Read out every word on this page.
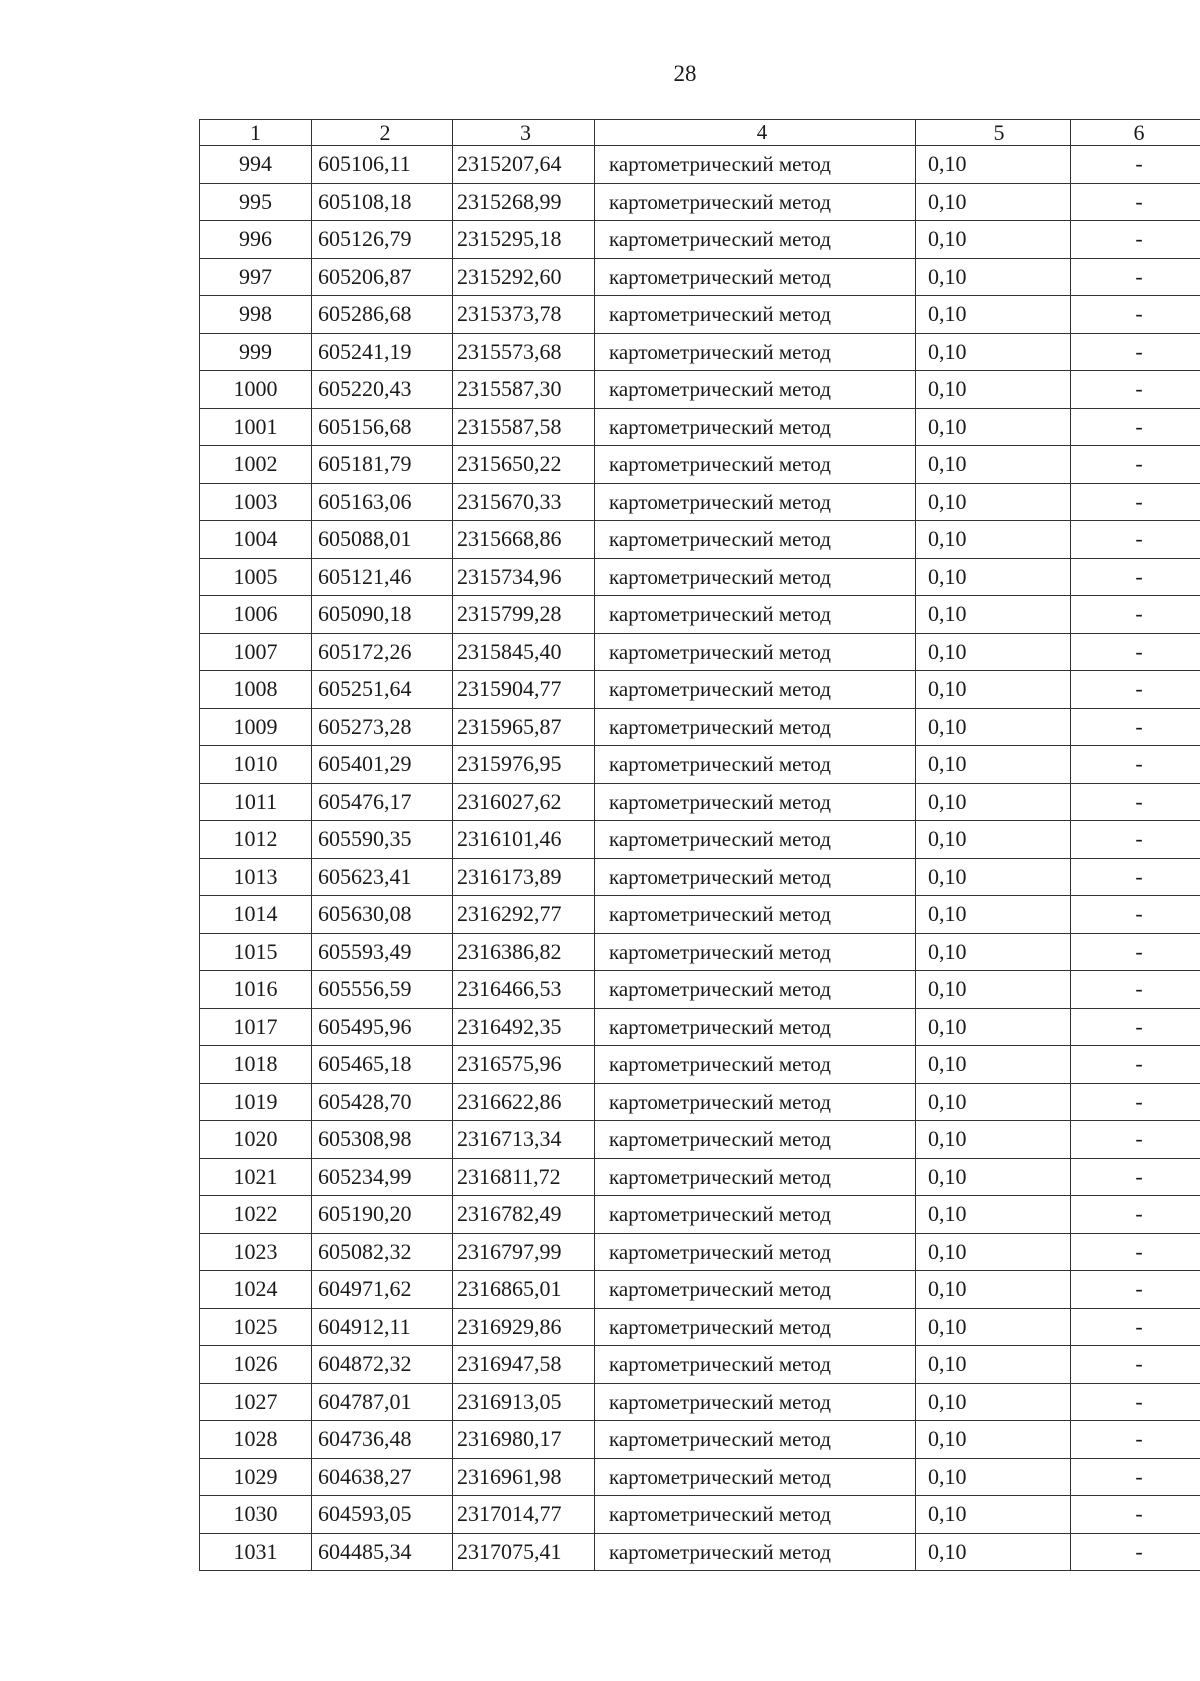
28
1	2	3	4	5	6
994	605106,11	2315207,64	картометрический метод	0,10	-
995	605108,18	2315268,99	картометрический метод	0,10	-
996	605126,79	2315295,18	картометрический метод	0,10	-
997	605206,87	2315292,60	картометрический метод	0,10	-
998	605286,68	2315373,78	картометрический метод	0,10	-
999	605241,19	2315573,68	картометрический метод	0,10	-
1000	605220,43	2315587,30	картометрический метод	0,10	-
1001	605156,68	2315587,58	картометрический метод	0,10	-
1002	605181,79	2315650,22	картометрический метод	0,10	-
1003	605163,06	2315670,33	картометрический метод	0,10	-
1004	605088,01	2315668,86	картометрический метод	0,10	-
1005	605121,46	2315734,96	картометрический метод	0,10	-
1006	605090,18	2315799,28	картометрический метод	0,10	-
1007	605172,26	2315845,40	картометрический метод	0,10	-
1008	605251,64	2315904,77	картометрический метод	0,10	-
1009	605273,28	2315965,87	картометрический метод	0,10	-
1010	605401,29	2315976,95	картометрический метод	0,10	-
1011	605476,17	2316027,62	картометрический метод	0,10	-
1012	605590,35	2316101,46	картометрический метод	0,10	-
1013	605623,41	2316173,89	картометрический метод	0,10	-
1014	605630,08	2316292,77	картометрический метод	0,10	-
1015	605593,49	2316386,82	картометрический метод	0,10	-
1016	605556,59	2316466,53	картометрический метод	0,10	-
1017	605495,96	2316492,35	картометрический метод	0,10	-
1018	605465,18	2316575,96	картометрический метод	0,10	-
1019	605428,70	2316622,86	картометрический метод	0,10	-
1020	605308,98	2316713,34	картометрический метод	0,10	-
1021	605234,99	2316811,72	картометрический метод	0,10	-
1022	605190,20	2316782,49	картометрический метод	0,10	-
1023	605082,32	2316797,99	картометрический метод	0,10	-
1024	604971,62	2316865,01	картометрический метод	0,10	-
1025	604912,11	2316929,86	картометрический метод	0,10	-
1026	604872,32	2316947,58	картометрический метод	0,10	-
1027	604787,01	2316913,05	картометрический метод	0,10	-
1028	604736,48	2316980,17	картометрический метод	0,10	-
1029	604638,27	2316961,98	картометрический метод	0,10	-
1030	604593,05	2317014,77	картометрический метод	0,10	-
1031	604485,34	2317075,41	картометрический метод	0,10	-
